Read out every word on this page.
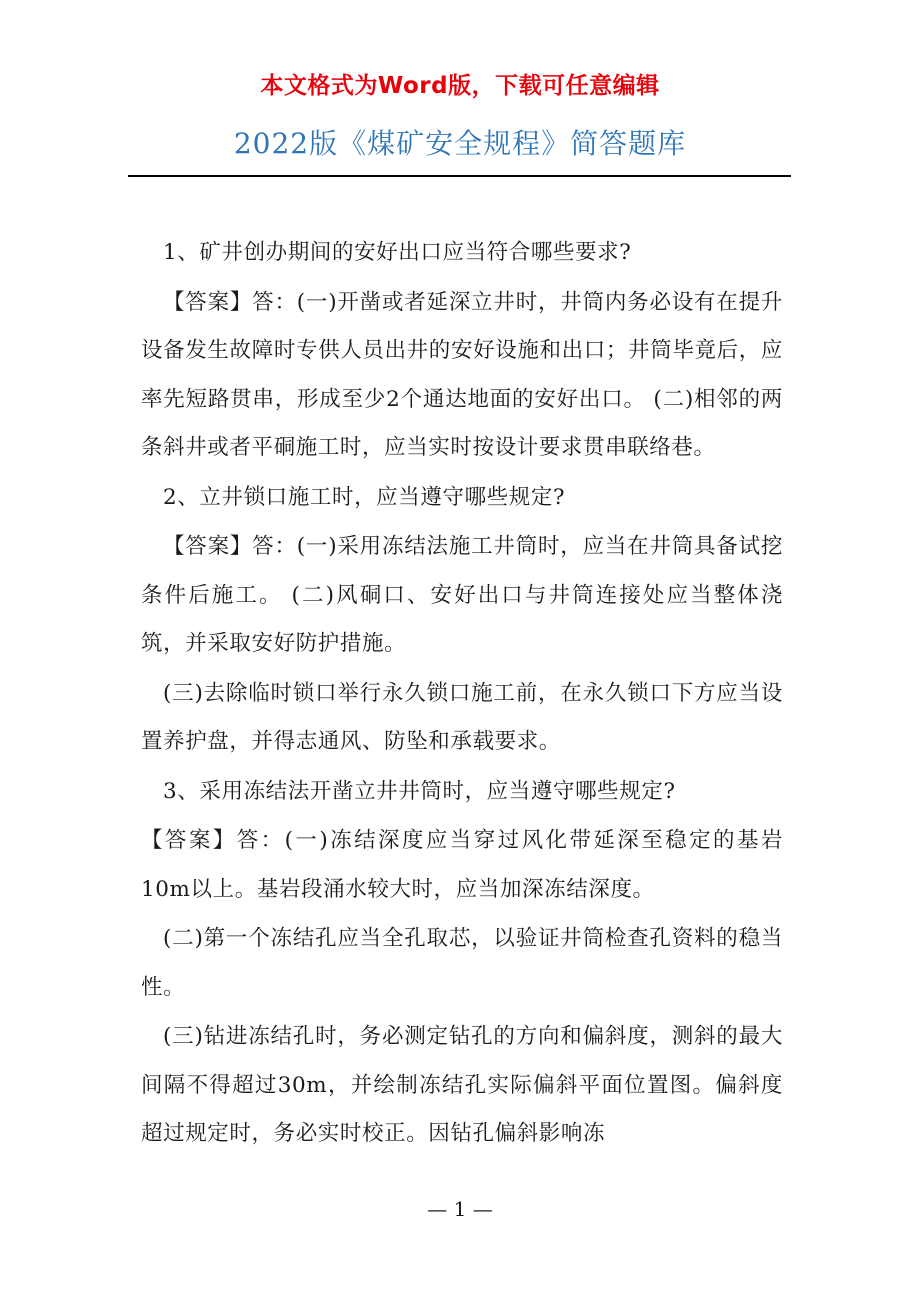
本文格式为Word版，下载可任意编辑
2022版《煤矿安全规程》简答题库

1、矿井创办期间的安好出口应当符合哪些要求?

【答案】答：(一)开凿或者延深立井时，井筒内务必设有在提升设备发生故障时专供人员出井的安好设施和出口；井筒毕竟后，应率先短路贯串，形成至少2个通达地面的安好出口。 (二)相邻的两条斜井或者平硐施工时，应当实时按设计要求贯串联络巷。

2、立井锁口施工时，应当遵守哪些规定?

【答案】答：(一)采用冻结法施工井筒时，应当在井筒具备试挖条件后施工。 (二)风硐口、安好出口与井筒连接处应当整体浇筑，并采取安好防护措施。

(三)去除临时锁口举行永久锁口施工前，在永久锁口下方应当设置养护盘，并得志通风、防坠和承载要求。

3、采用冻结法开凿立井井筒时，应当遵守哪些规定?

【答案】答：(一)冻结深度应当穿过风化带延深至稳定的基岩10m以上。基岩段涌水较大时，应当加深冻结深度。

(二)第一个冻结孔应当全孔取芯，以验证井筒检查孔资料的稳当性。

(三)钻进冻结孔时，务必测定钻孔的方向和偏斜度，测斜的最大间隔不得超过30m，并绘制冻结孔实际偏斜平面位置图。偏斜度超过规定时，务必实时校正。因钻孔偏斜影响冻

— 1 —
